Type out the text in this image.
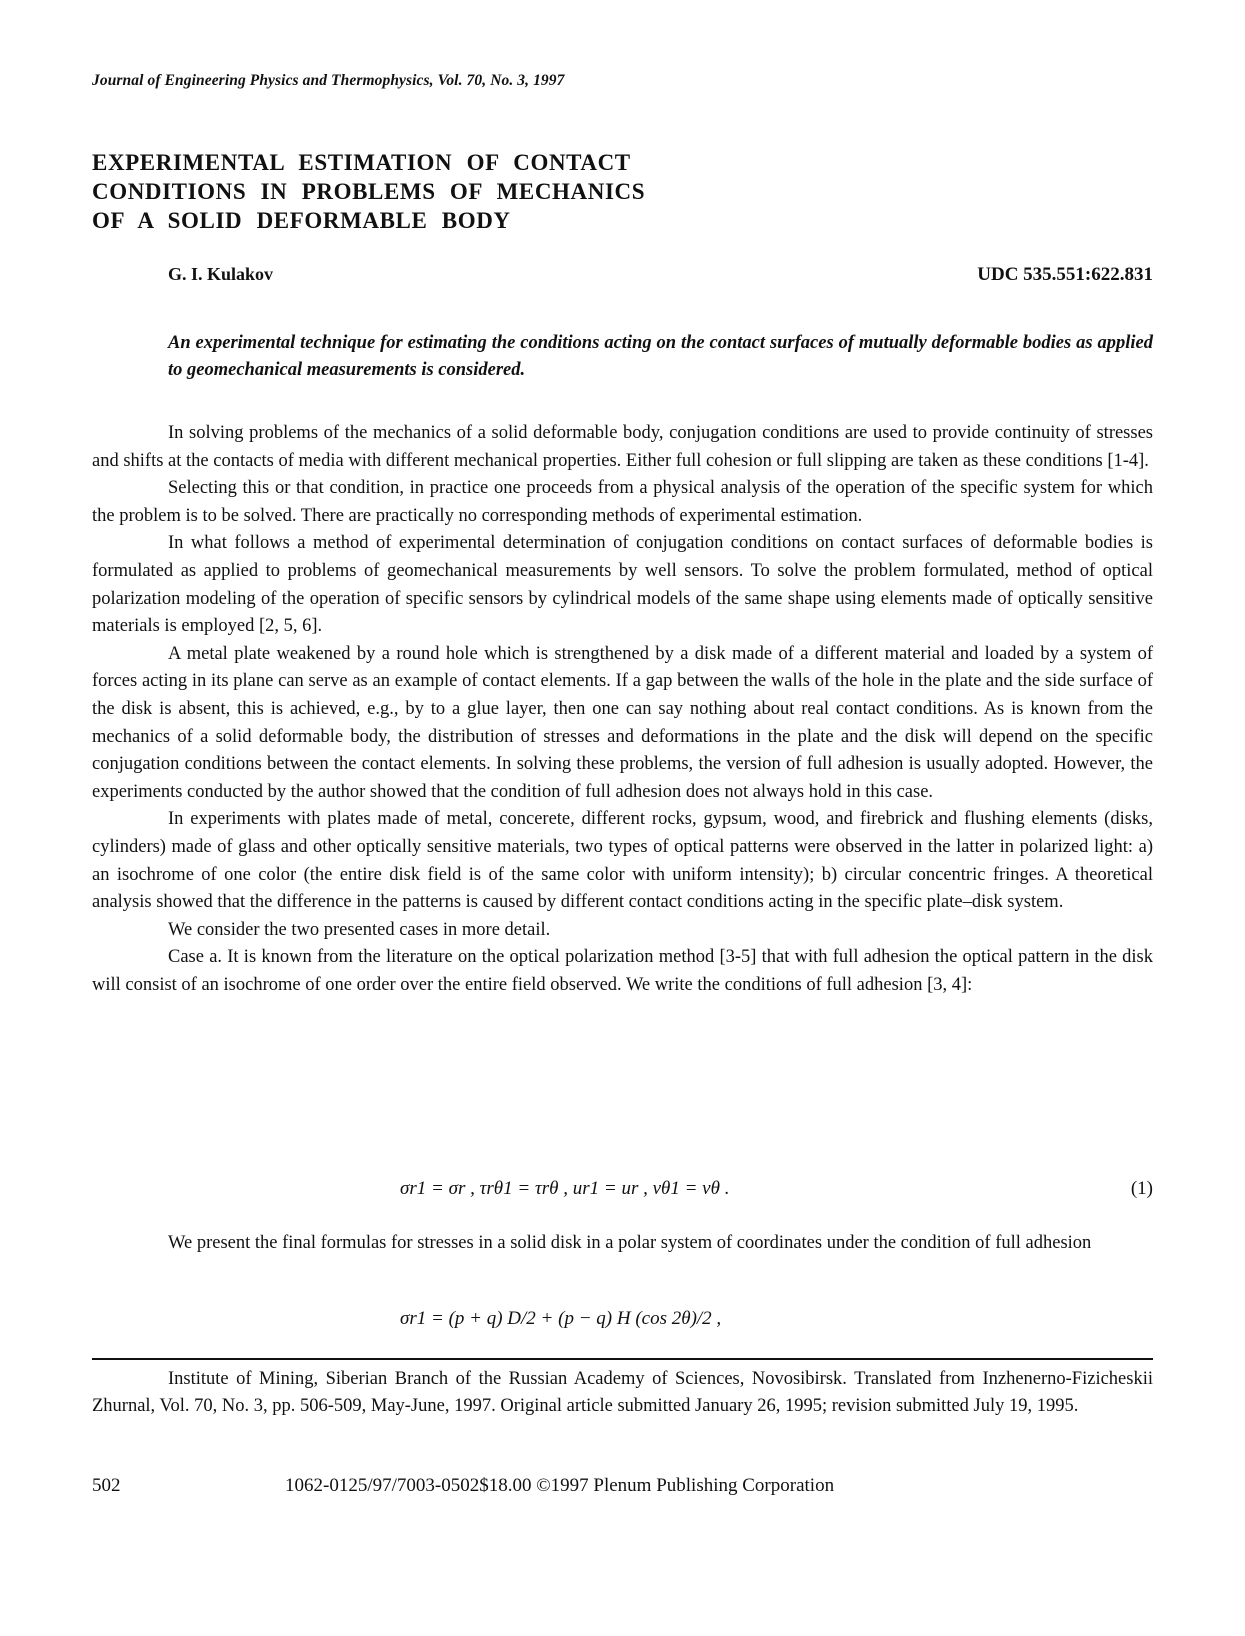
Journal of Engineering Physics and Thermophysics, Vol. 70, No. 3, 1997
EXPERIMENTAL ESTIMATION OF CONTACT
CONDITIONS IN PROBLEMS OF MECHANICS
OF A SOLID DEFORMABLE BODY
G. I. Kulakov	UDC 535.551:622.831
An experimental technique for estimating the conditions acting on the contact surfaces of mutually deformable bodies as applied to geomechanical measurements is considered.

In solving problems of the mechanics of a solid deformable body, conjugation conditions are used to provide continuity of stresses and shifts at the contacts of media with different mechanical properties. Either full cohesion or full slipping are taken as these conditions [1-4].

Selecting this or that condition, in practice one proceeds from a physical analysis of the operation of the specific system for which the problem is to be solved. There are practically no corresponding methods of experimental estimation.

In what follows a method of experimental determination of conjugation conditions on contact surfaces of deformable bodies is formulated as applied to problems of geomechanical measurements by well sensors. To solve the problem formulated, method of optical polarization modeling of the operation of specific sensors by cylindrical models of the same shape using elements made of optically sensitive materials is employed [2, 5, 6].

A metal plate weakened by a round hole which is strengthened by a disk made of a different material and loaded by a system of forces acting in its plane can serve as an example of contact elements. If a gap between the walls of the hole in the plate and the side surface of the disk is absent, this is achieved, e.g., by to a glue layer, then one can say nothing about real contact conditions. As is known from the mechanics of a solid deformable body, the distribution of stresses and deformations in the plate and the disk will depend on the specific conjugation conditions between the contact elements. In solving these problems, the version of full adhesion is usually adopted. However, the experiments conducted by the author showed that the condition of full adhesion does not always hold in this case.

In experiments with plates made of metal, concerete, different rocks, gypsum, wood, and firebrick and flushing elements (disks, cylinders) made of glass and other optically sensitive materials, two types of optical patterns were observed in the latter in polarized light: a) an isochrome of one color (the entire disk field is of the same color with uniform intensity); b) circular concentric fringes. A theoretical analysis showed that the difference in the patterns is caused by different contact conditions acting in the specific plate–disk system.

We consider the two presented cases in more detail.

Case a. It is known from the literature on the optical polarization method [3-5] that with full adhesion the optical pattern in the disk will consist of an isochrome of one order over the entire field observed. We write the conditions of full adhesion [3, 4]:

σr1 = σr , τrθ1 = τrθ , ur1 = ur , vθ1 = vθ .	(1)

We present the final formulas for stresses in a solid disk in a polar system of coordinates under the condition of full adhesion

σr1 = (p + q) D/2 + (p − q) H (cos 2θ)/2 ,

Institute of Mining, Siberian Branch of the Russian Academy of Sciences, Novosibirsk. Translated from Inzhenerno-Fizicheskii Zhurnal, Vol. 70, No. 3, pp. 506-509, May-June, 1997. Original article submitted January 26, 1995; revision submitted July 19, 1995.

502	1062-0125/97/7003-0502$18.00 ©1997 Plenum Publishing Corporation
